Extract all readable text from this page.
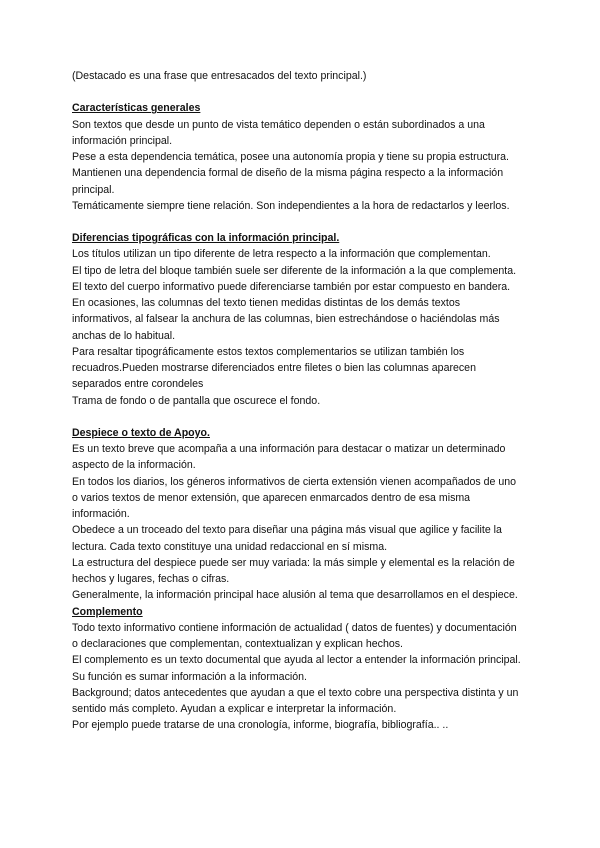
(Destacado es una frase que entresacados del texto principal.)

Características generales

Son textos que desde un punto de vista temático dependen o están subordinados a una información principal.

Pese a esta dependencia temática, posee una autonomía propia y tiene su propia estructura.

Mantienen una dependencia formal de diseño de la misma página respecto a la información principal.

Temáticamente siempre tiene relación. Son independientes a la hora de redactarlos y leerlos.

Diferencias tipográficas con la información principal.

Los títulos utilizan un tipo diferente de letra respecto a la información que complementan.

El tipo de letra del bloque también suele ser diferente de la información a la que complementa.

El texto del cuerpo informativo puede diferenciarse también por estar compuesto en bandera.

En ocasiones, las columnas del texto tienen medidas distintas de los demás textos informativos, al falsear la anchura de las columnas, bien estrechándose o haciéndolas más anchas de lo habitual.

Para resaltar tipográficamente estos textos complementarios se utilizan también los recuadros.Pueden mostrarse diferenciados entre filetes o bien las columnas aparecen separados entre corondeles

Trama de fondo o de pantalla que oscurece el fondo.

Despiece o texto de Apoyo.

Es un texto breve que acompaña a una información para destacar o matizar un determinado aspecto de la información.

En todos los diarios, los géneros informativos de cierta extensión vienen acompañados de uno o varios textos de menor extensión, que aparecen enmarcados dentro de esa misma información.

Obedece a un troceado del texto para diseñar una página más visual que agilice y facilite la lectura. Cada texto constituye una unidad redaccional en sí misma.

La estructura del despiece puede ser muy variada: la más simple y elemental es la relación de hechos y lugares, fechas o cifras.

Generalmente, la información principal hace alusión al tema que desarrollamos en el despiece.

Complemento

Todo texto informativo contiene información de actualidad ( datos de fuentes) y documentación o declaraciones que complementan, contextualizan y explican hechos.

El complemento es un texto documental que ayuda al lector a entender la información principal. Su función es sumar información a la información.

Background; datos antecedentes que ayudan a que el texto cobre una perspectiva distinta y un sentido más completo. Ayudan a explicar e interpretar la información.

Por ejemplo puede tratarse de una cronología, informe, biografía, bibliografía.. ..
